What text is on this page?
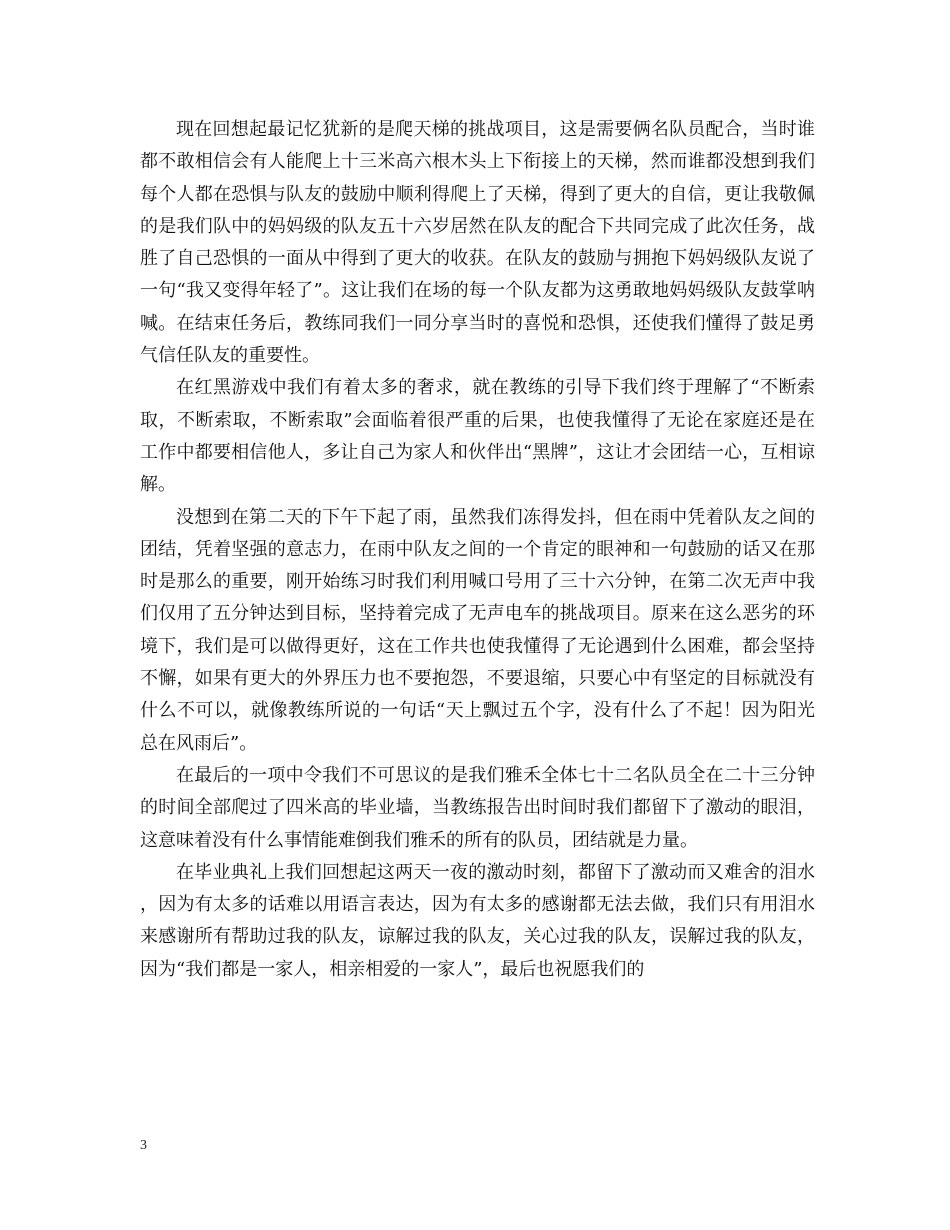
现在回想起最记忆犹新的是爬天梯的挑战项目，这是需要俩名队员配合，当时谁都不敢相信会有人能爬上十三米高六根木头上下衔接上的天梯，然而谁都没想到我们每个人都在恐惧与队友的鼓励中顺利得爬上了天梯，得到了更大的自信，更让我敬佩的是我们队中的妈妈级的队友五十六岁居然在队友的配合下共同完成了此次任务，战胜了自己恐惧的一面从中得到了更大的收获。在队友的鼓励与拥抱下妈妈级队友说了一句“我又变得年轻了”。这让我们在场的每一个队友都为这勇敢地妈妈级队友鼓掌呐喊。在结束任务后，教练同我们一同分享当时的喜悦和恐惧，还使我们懂得了鼓足勇气信任队友的重要性。

在红黑游戏中我们有着太多的奢求，就在教练的引导下我们终于理解了“不断索取，不断索取，不断索取”会面临着很严重的后果，也使我懂得了无论在家庭还是在工作中都要相信他人，多让自己为家人和伙伴出“黑牌”，这让才会团结一心，互相谅解。

没想到在第二天的下午下起了雨，虽然我们冻得发抖，但在雨中凭着队友之间的团结，凭着坚强的意志力，在雨中队友之间的一个肯定的眼神和一句鼓励的话又在那时是那么的重要，刚开始练习时我们利用喊口号用了三十六分钟，在第二次无声中我们仅用了五分钟达到目标，坚持着完成了无声电车的挑战项目。原来在这么恶劣的环境下，我们是可以做得更好，这在工作共也使我懂得了无论遇到什么困难，都会坚持不懈，如果有更大的外界压力也不要抱怨，不要退缩，只要心中有坚定的目标就没有什么不可以，就像教练所说的一句话“天上飘过五个字，没有什么了不起！因为阳光总在风雨后”。

在最后的一项中令我们不可思议的是我们雅禾全体七十二名队员全在二十三分钟的时间全部爬过了四米高的毕业墙，当教练报告出时间时我们都留下了激动的眼泪，这意味着没有什么事情能难倒我们雅禾的所有的队员，团结就是力量。

在毕业典礼上我们回想起这两天一夜的激动时刻，都留下了激动而又难舍的泪水，因为有太多的话难以用语言表达，因为有太多的感谢都无法去做，我们只有用泪水来感谢所有帮助过我的队友，谅解过我的队友，关心过我的队友，误解过我的队友，因为“我们都是一家人，相亲相爱的一家人”，最后也祝愿我们的

3
